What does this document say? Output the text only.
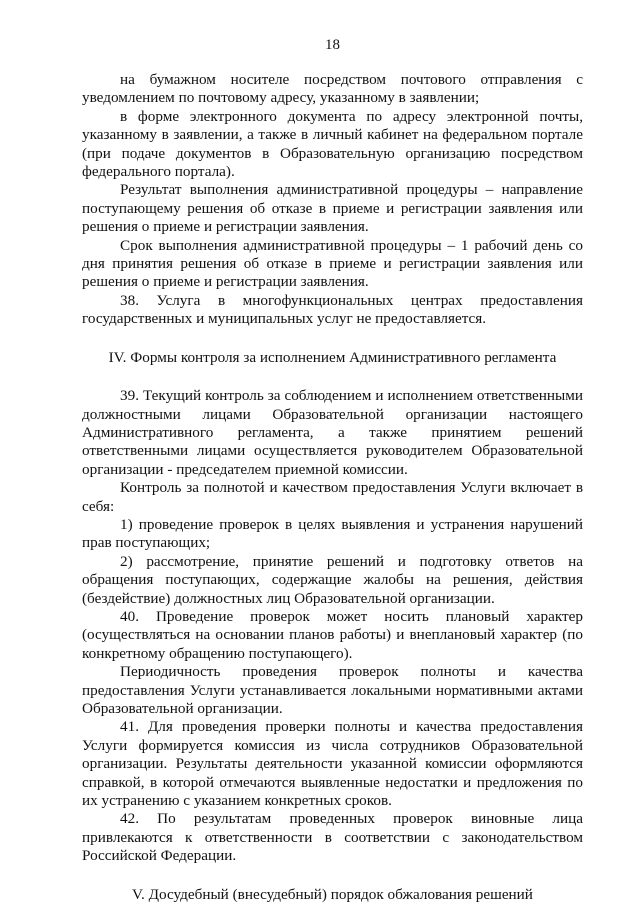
18

на бумажном носителе посредством почтового отправления с уведомлением по почтовому адресу, указанному в заявлении;

в форме электронного документа по адресу электронной почты, указанному в заявлении, а также в личный кабинет на федеральном портале (при подаче документов в Образовательную организацию посредством федерального портала).

Результат выполнения административной процедуры – направление поступающему решения об отказе в приеме и регистрации заявления или решения о приеме и регистрации заявления.

Срок выполнения административной процедуры – 1 рабочий день со дня принятия решения об отказе в приеме и регистрации заявления или решения о приеме и регистрации заявления.

38. Услуга в многофункциональных центрах предоставления государственных и муниципальных услуг не предоставляется.

IV. Формы контроля за исполнением Административного регламента

39. Текущий контроль за соблюдением и исполнением ответственными должностными лицами Образовательной организации настоящего Административного регламента, а также принятием решений ответственными лицами осуществляется руководителем Образовательной организации - председателем приемной комиссии.

Контроль за полнотой и качеством предоставления Услуги включает в себя:

1) проведение проверок в целях выявления и устранения нарушений прав поступающих;

2) рассмотрение, принятие решений и подготовку ответов на обращения поступающих, содержащие жалобы на решения, действия (бездействие) должностных лиц Образовательной организации.

40. Проведение проверок может носить плановый характер (осуществляться на основании планов работы) и внеплановый характер (по конкретному обращению поступающего).

Периодичность проведения проверок полноты и качества предоставления Услуги устанавливается локальными нормативными актами Образовательной организации.

41. Для проведения проверки полноты и качества предоставления Услуги формируется комиссия из числа сотрудников Образовательной организации. Результаты деятельности указанной комиссии оформляются справкой, в которой отмечаются выявленные недостатки и предложения по их устранению с указанием конкретных сроков.

42. По результатам проведенных проверок виновные лица привлекаются к ответственности в соответствии с законодательством Российской Федерации.

V. Досудебный (внесудебный) порядок обжалования решений
